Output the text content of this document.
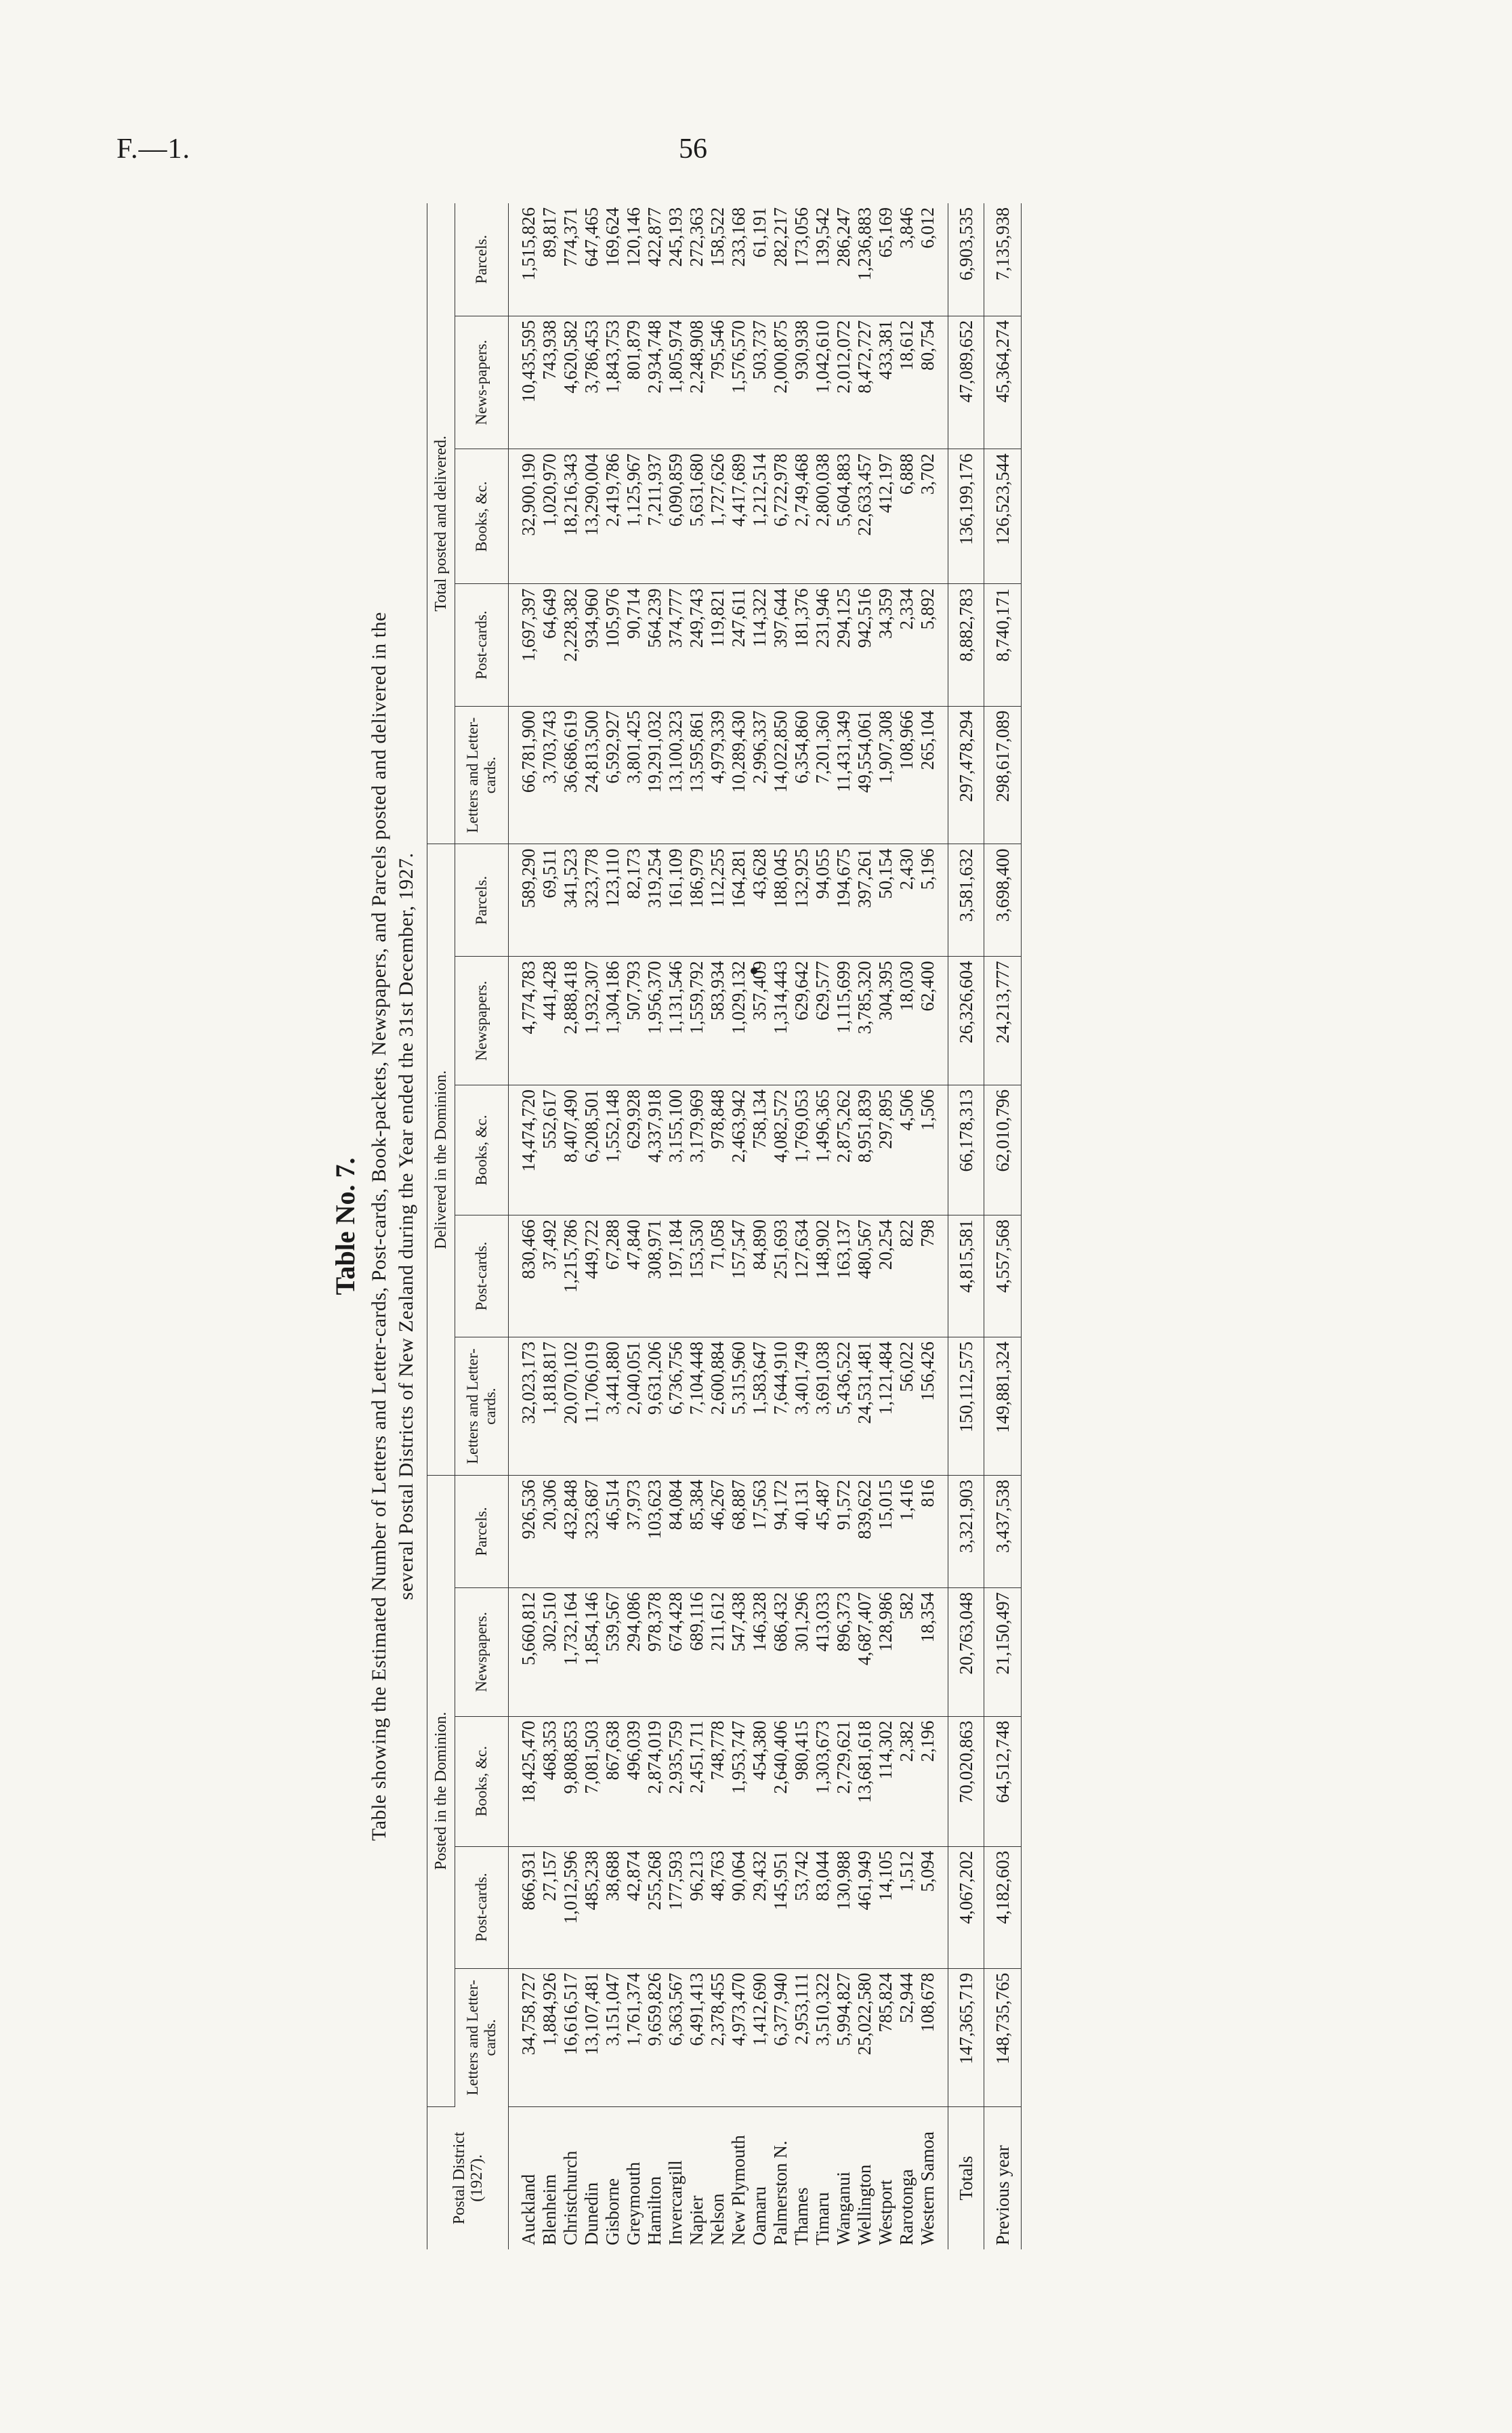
F.—1.	56
Table No. 7. Table showing the Estimated Number of Letters and Letter-cards, Post-cards, Book-packets, Newspapers, and Parcels posted and delivered in the several Postal Districts of New Zealand during the Year ended the 31st December, 1927.
Postal District (1927).	Posted in the Dominion.					Delivered in the Dominion.					Total posted and delivered.				
	Letters and Letter-cards.	Post-cards.	Books, &c.	Newspapers.	Parcels.	Letters and Letter-cards.	Post-cards.	Books, &c.	Newspapers.	Parcels.	Letters and Letter-cards.	Post-cards.	Books, &c.	News-papers.	Parcels.
Auckland	34,758,727	866,931	18,425,470	5,660,812	926,536	32,023,173	830,466	14,474,720	4,774,783	589,290	66,781,900	1,697,397	32,900,190	10,435,595	1,515,826
Blenheim	1,884,926	27,157	468,353	302,510	20,306	1,818,817	37,492	552,617	441,428	69,511	3,703,743	64,649	1,020,970	743,938	89,817
Christchurch	16,616,517	1,012,596	9,808,853	1,732,164	432,848	20,070,102	1,215,786	8,407,490	2,888,418	341,523	36,686,619	2,228,382	18,216,343	4,620,582	774,371
Dunedin	13,107,481	485,238	7,081,503	1,854,146	323,687	11,706,019	449,722	6,208,501	1,932,307	323,778	24,813,500	934,960	13,290,004	3,786,453	647,465
Gisborne	3,151,047	38,688	867,638	539,567	46,514	3,441,880	67,288	1,552,148	1,304,186	123,110	6,592,927	105,976	2,419,786	1,843,753	169,624
Greymouth	1,761,374	42,874	496,039	294,086	37,973	2,040,051	47,840	629,928	507,793	82,173	3,801,425	90,714	1,125,967	801,879	120,146
Hamilton	9,659,826	255,268	2,874,019	978,378	103,623	9,631,206	308,971	4,337,918	1,956,370	319,254	19,291,032	564,239	7,211,937	2,934,748	422,877
Invercargill	6,363,567	177,593	2,935,759	674,428	84,084	6,736,756	197,184	3,155,100	1,131,546	161,109	13,100,323	374,777	6,090,859	1,805,974	245,193
Napier	6,491,413	96,213	2,451,711	689,116	85,384	7,104,448	153,530	3,179,969	1,559,792	186,979	13,595,861	249,743	5,631,680	2,248,908	272,363
Nelson	2,378,455	48,763	748,778	211,612	46,267	2,600,884	71,058	978,848	583,934	112,255	4,979,339	119,821	1,727,626	795,546	158,522
New Plymouth	4,973,470	90,064	1,953,747	547,438	68,887	5,315,960	157,547	2,463,942	1,029,132	164,281	10,289,430	247,611	4,417,689	1,576,570	233,168
Oamaru	1,412,690	29,432	454,380	146,328	17,563	1,583,647	84,890	758,134	357,409	43,628	2,996,337	114,322	1,212,514	503,737	61,191
Palmerston N.	6,377,940	145,951	2,640,406	686,432	94,172	7,644,910	251,693	4,082,572	1,314,443	188,045	14,022,850	397,644	6,722,978	2,000,875	282,217
Thames	2,953,111	53,742	980,415	301,296	40,131	3,401,749	127,634	1,769,053	629,642	132,925	6,354,860	181,376	2,749,468	930,938	173,056
Timaru	3,510,322	83,044	1,303,673	413,033	45,487	3,691,038	148,902	1,496,365	629,577	94,055	7,201,360	231,946	2,800,038	1,042,610	139,542
Wanganui	5,994,827	130,988	2,729,621	896,373	91,572	5,436,522	163,137	2,875,262	1,115,699	194,675	11,431,349	294,125	5,604,883	2,012,072	286,247
Wellington	25,022,580	461,949	13,681,618	4,687,407	839,622	24,531,481	480,567	8,951,839	3,785,320	397,261	49,554,061	942,516	22,633,457	8,472,727	1,236,883
Westport	785,824	14,105	114,302	128,986	15,015	1,121,484	20,254	297,895	304,395	50,154	1,907,308	34,359	412,197	433,381	65,169
Rarotonga	52,944	1,512	2,382	582	1,416	56,022	822	4,506	18,030	2,430	108,966	2,334	6,888	18,612	3,846
Western Samoa	108,678	5,094	2,196	18,354	816	156,426	798	1,506	62,400	5,196	265,104	5,892	3,702	80,754	6,012
Totals	147,365,719	4,067,202	70,020,863	20,763,048	3,321,903	150,112,575	4,815,581	66,178,313	26,326,604	3,581,632	297,478,294	8,882,783	136,199,176	47,089,652	6,903,535
Previous year	148,735,765	4,182,603	64,512,748	21,150,497	3,437,538	149,881,324	4,557,568	62,010,796	24,213,777	3,698,400	298,617,089	8,740,171	126,523,544	45,364,274	7,135,938
